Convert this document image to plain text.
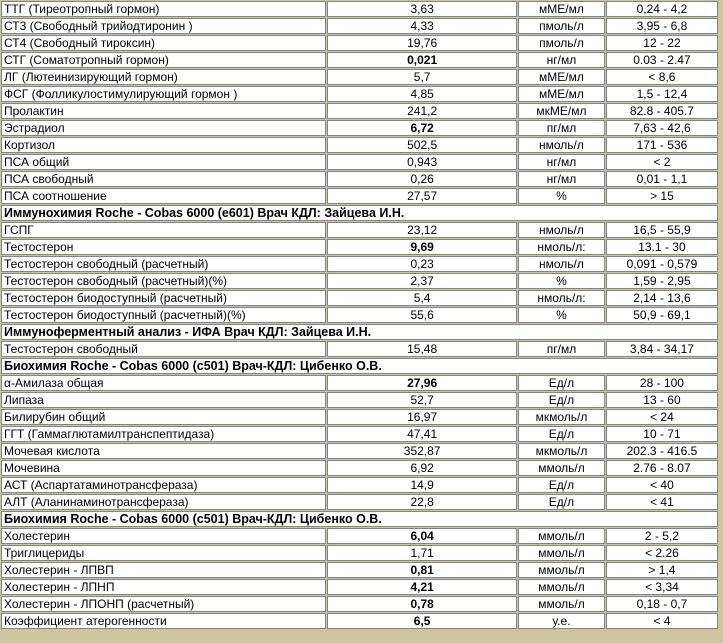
ТТГ (Тиреотропный гормон)	3,63	мМЕ/мл	0,24 - 4,2
СТ3 (Свободный трийодтиронин )	4,33	пмоль/л	3,95 - 6,8
СТ4 (Свободный тироксин)	19,76	пмоль/л	12 - 22
СТГ (Соматотропный гормон)	0,021	нг/мл	0.03 - 2.47
ЛГ (Лютеинизирующий гормон)	5,7	мМЕ/мл	< 8,6
ФСГ (Фолликулостимулирующий гормон )	4,85	мМЕ/мл	1,5 - 12,4
Пролактин	241,2	мкМЕ/мл	82.8 - 405.7
Эстрадиол	6,72	пг/мл	7,63 - 42,6
Кортизол	502,5	нмоль/л	171 - 536
ПСА общий	0,943	нг/мл	< 2
ПСА свободный	0,26	нг/мл	0,01 - 1,1
ПСА соотношение	27,57	%	> 15
Иммунохимия Roche - Cobas 6000 (e601) Врач КДЛ: Зайцева И.Н.			
ГСПГ	23,12	нмоль/л	16,5 - 55,9
Тестостерон	9,69	нмоль/л:	13.1 - 30
Тестостерон свободный (расчетный)	0,23	нмоль/л	0,091 - 0,579
Тестостерон свободный (расчетный)(%)	2,37	%	1,59 - 2,95
Тестостерон биодоступный (расчетный)	5,4	нмоль/л:	2,14 - 13,6
Тестостерон биодоступный (расчетный)(%)	55,6	%	50,9 - 69,1
Иммуноферментный анализ - ИФА Врач КДЛ: Зайцева И.Н.			
Тестостерон свободный	15,48	пг/мл	3,84 - 34,17
Биохимия Roche - Cobas 6000 (c501) Врач-КДЛ: Цибенко О.В.			
α-Амилаза общая	27,96	Ед/л	28 - 100
Липаза	52,7	Ед/л	13 - 60
Билирубин общий	16,97	мкмоль/л	< 24
ГГТ (Гаммаглютамилтранспептидаза)	47,41	Ед/л	10 - 71
Мочевая кислота	352,87	мкмоль/л	202.3 - 416.5
Мочевина	6,92	ммоль/л	2.76 - 8.07
АСТ (Аспартатаминотрансфераза)	14,9	Ед/л	< 40
АЛТ (Аланинаминотрансфераза)	22,8	Ед/л	< 41
Биохимия Roche - Cobas 6000 (c501) Врач-КДЛ: Цибенко О.В.			
Холестерин	6,04	ммоль/л	2 - 5,2
Триглицериды	1,71	ммоль/л	< 2.26
Холестерин - ЛПВП	0,81	ммоль/л	> 1,4
Холестерин - ЛПНП	4,21	ммоль/л	< 3,34
Холестерин - ЛПОНП (расчетный)	0,78	ммоль/л	0,18 - 0,7
Коэффициент атерогенности	6,5	у.е.	< 4
